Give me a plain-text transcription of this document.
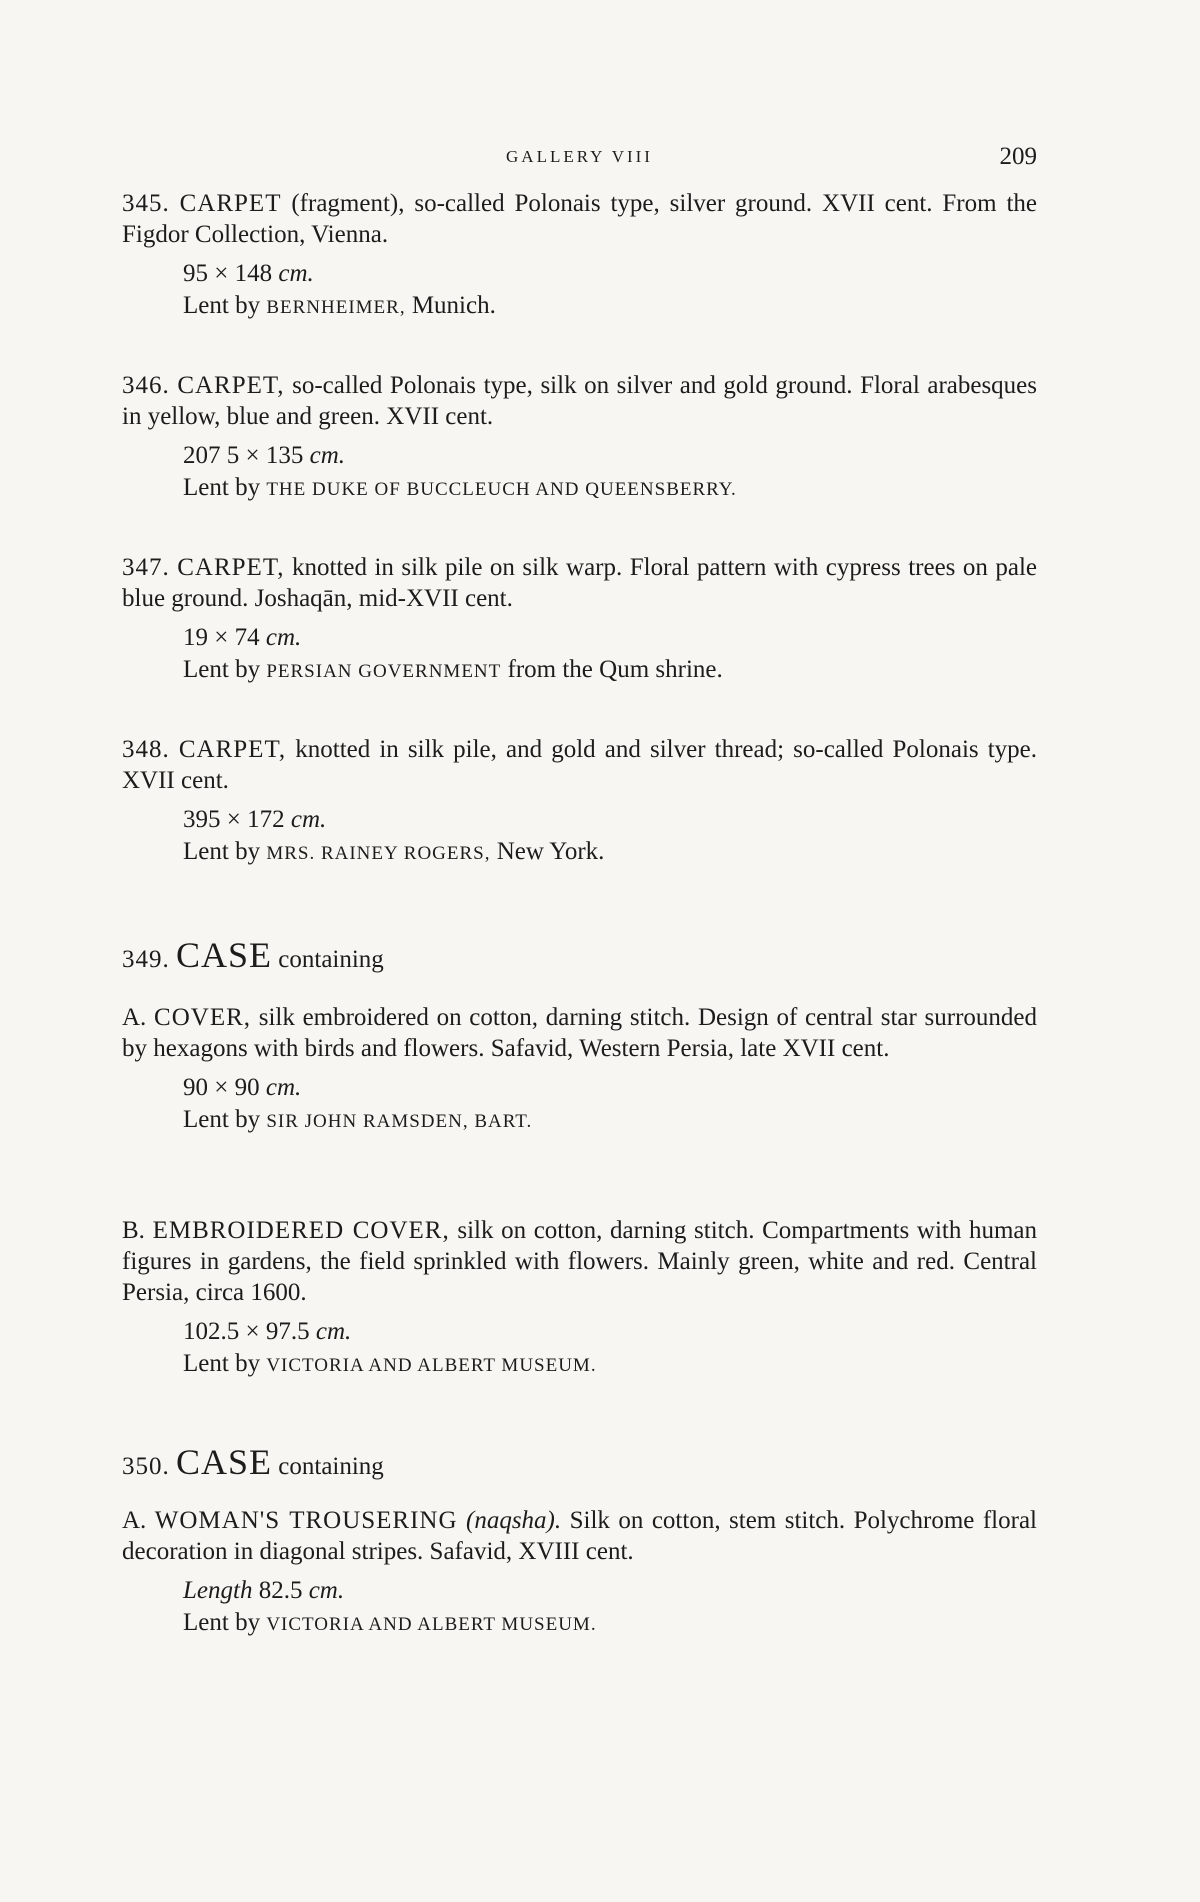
GALLERY VIII	209

345. CARPET (fragment), so-called Polonais type, silver ground. XVII cent. From the Figdor Collection, Vienna.

95 × 148 cm.
Lent by BERNHEIMER, Munich.

346. CARPET, so-called Polonais type, silk on silver and gold ground. Floral arabesques in yellow, blue and green. XVII cent.

207 5 × 135 cm.
Lent by THE DUKE OF BUCCLEUCH AND QUEENSBERRY.

347. CARPET, knotted in silk pile on silk warp. Floral pattern with cypress trees on pale blue ground. Joshaqān, mid-XVII cent.

19 × 74 cm.
Lent by PERSIAN GOVERNMENT from the Qum shrine.

348. CARPET, knotted in silk pile, and gold and silver thread; so-called Polonais type. XVII cent.

395 × 172 cm.
Lent by MRS. RAINEY ROGERS, New York.

349. CASE containing

A. COVER, silk embroidered on cotton, darning stitch. Design of central star surrounded by hexagons with birds and flowers. Safavid, Western Persia, late XVII cent.

90 × 90 cm.
Lent by SIR JOHN RAMSDEN, BART.

B. EMBROIDERED COVER, silk on cotton, darning stitch. Compartments with human figures in gardens, the field sprinkled with flowers. Mainly green, white and red. Central Persia, circa 1600.

102.5 × 97.5 cm.
Lent by VICTORIA AND ALBERT MUSEUM.

350. CASE containing

A. WOMAN'S TROUSERING (naqsha). Silk on cotton, stem stitch. Polychrome floral decoration in diagonal stripes. Safavid, XVIII cent.

Length 82.5 cm.
Lent by VICTORIA AND ALBERT MUSEUM.
